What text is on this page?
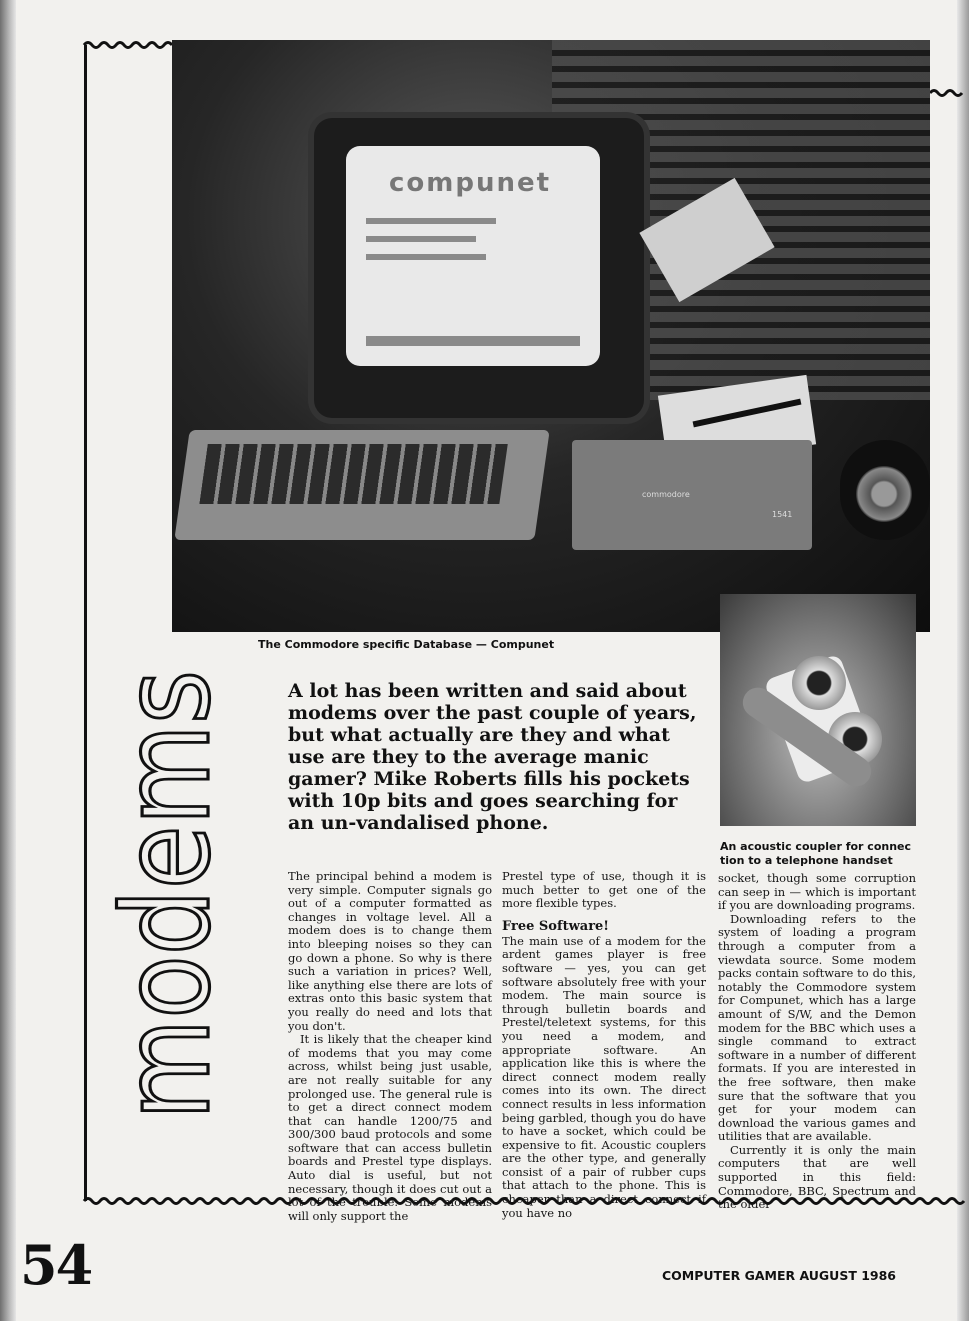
compunet
commodore
1541
The Commodore specific Database — Compunet
An acoustic coupler for connec tion to a telephone handset
modems	A lot has been written and said about modems over the past couple of years, but what actually are they and what use are they to the average manic gamer? Mike Roberts fills his pockets with 10p bits and goes searching for an un-vandalised phone.

The principal behind a modem is very simple. Computer signals go out of a computer formatted as changes in voltage level. All a modem does is to change them into bleeping noises so they can go down a phone. So why is there such a variation in prices? Well, like anything else there are lots of extras onto this basic system that you really do need and lots that you don't.

It is likely that the cheaper kind of modems that you may come across, whilst being just usable, are not really suitable for any prolonged use. The general rule is to get a direct connect modem that can handle 1200/75 and 300/300 baud protocols and some software that can access bulletin boards and Prestel type displays. Auto dial is useful, but not necessary, though it does cut out a lot of the trouble. Some modems will only support the

Prestel type of use, though it is much better to get one of the more flexible types.

Free Software!

The main use of a modem for the ardent games player is free software — yes, you can get software absolutely free with your modem. The main source is through bulletin boards and Prestel/teletext systems, for this you need a modem, and appropriate software. An application like this is where the direct connect modem really comes into its own. The direct connect results in less information being garbled, though you do have to have a socket, which could be expensive to fit. Acoustic couplers are the other type, and generally consist of a pair of rubber cups that attach to the phone. This is cheaper than a direct connect if you have no

socket, though some corruption can seep in — which is important if you are downloading programs.

Downloading refers to the system of loading a program through a computer from a viewdata source. Some modem packs contain software to do this, notably the Commodore system for Compunet, which has a large amount of S/W, and the Demon modem for the BBC which uses a single command to extract software in a number of different formats. If you are interested in the free software, then make sure that the software that you get for your modem can download the various games and utilities that are available.

Currently it is only the main computers that are well supported in this field: Commodore, BBC, Spectrum and the older

54	COMPUTER GAMER AUGUST 1986
